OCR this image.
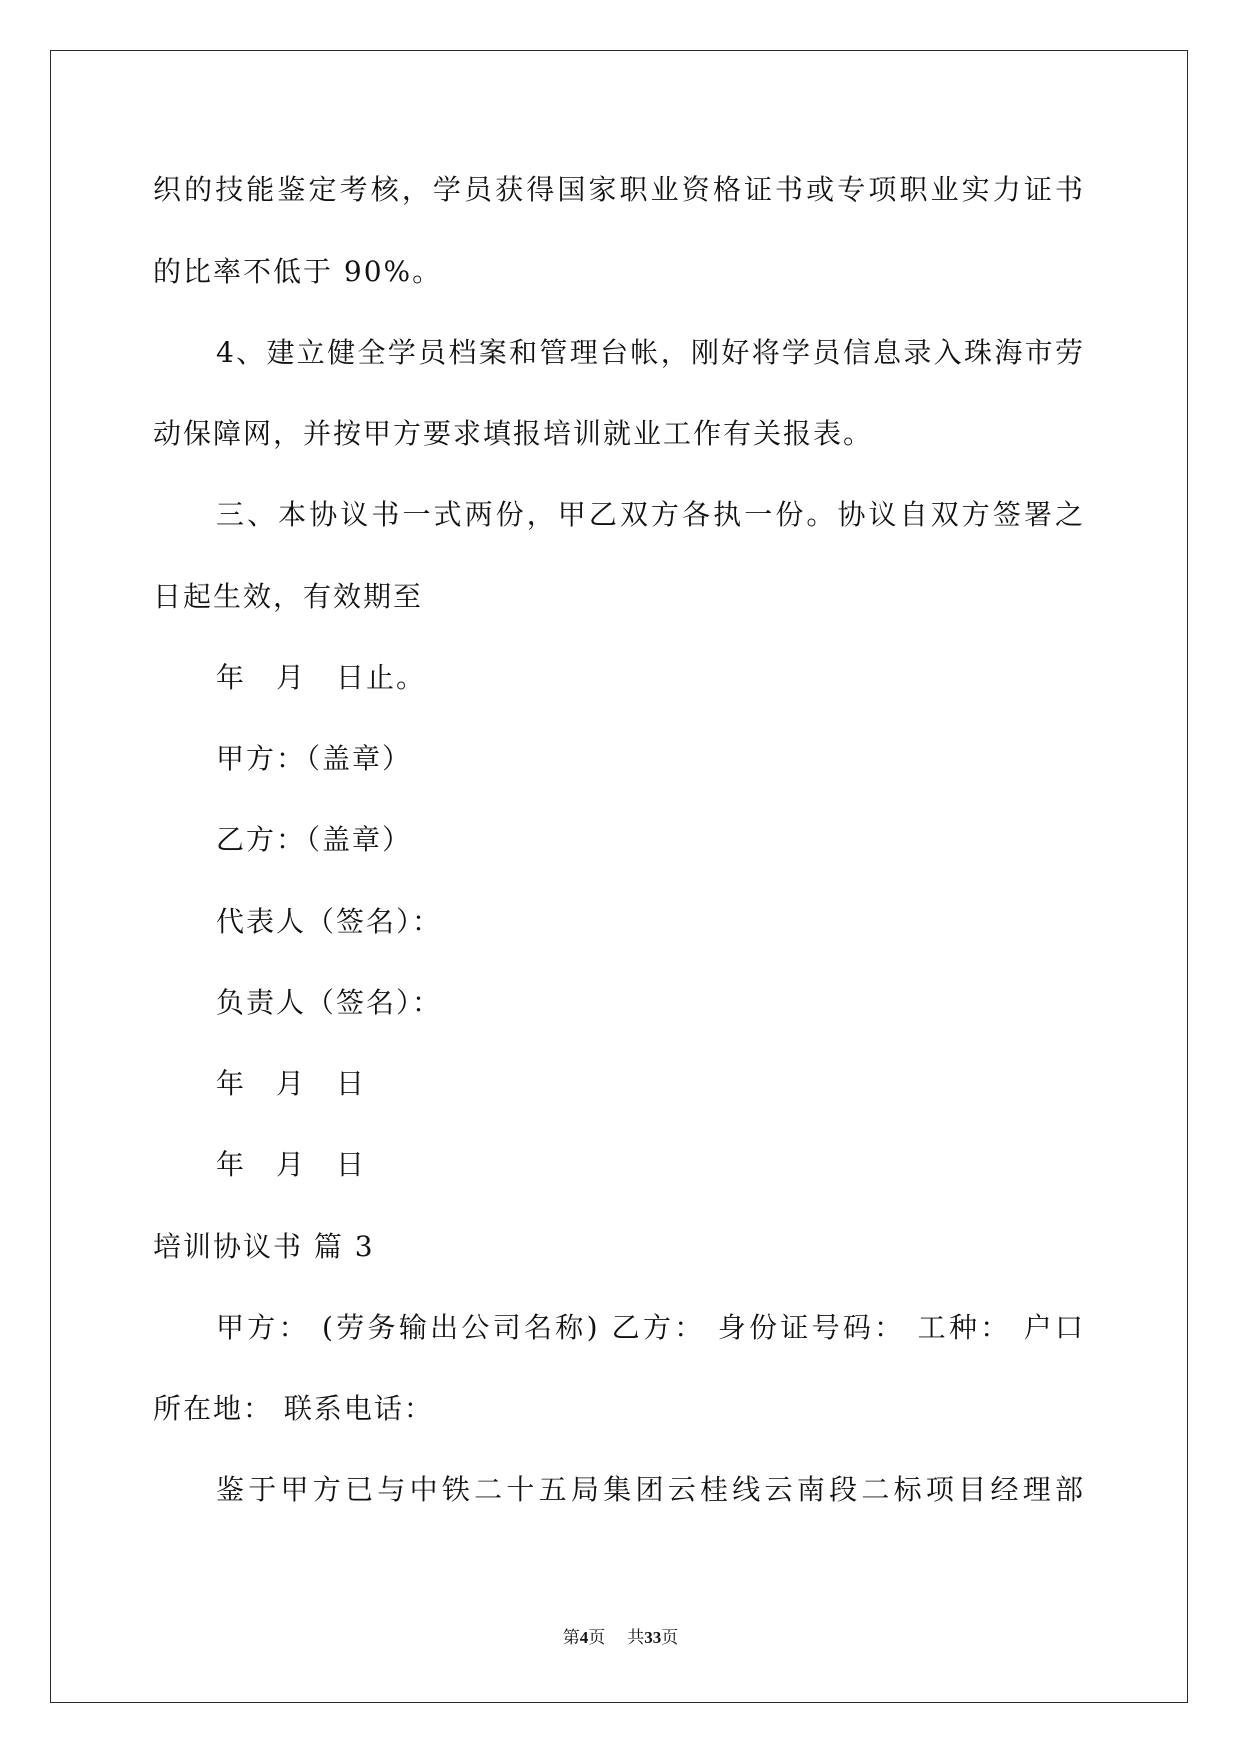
织的技能鉴定考核，学员获得国家职业资格证书或专项职业实力证书
的比率不低于 90%。
4、建立健全学员档案和管理台帐，刚好将学员信息录入珠海市劳
动保障网，并按甲方要求填报培训就业工作有关报表。
三、本协议书一式两份，甲乙双方各执一份。协议自双方签署之
日起生效，有效期至
年　月　日止。
甲方：（盖章）
乙方：（盖章）
代表人（签名）：
负责人（签名）：
年　月　日
年　月　日
培训协议书 篇 3
甲方： (劳务输出公司名称) 乙方： 身份证号码： 工种： 户口
所在地： 联系电话：
鉴于甲方已与中铁二十五局集团云桂线云南段二标项目经理部
第4页 共33页
